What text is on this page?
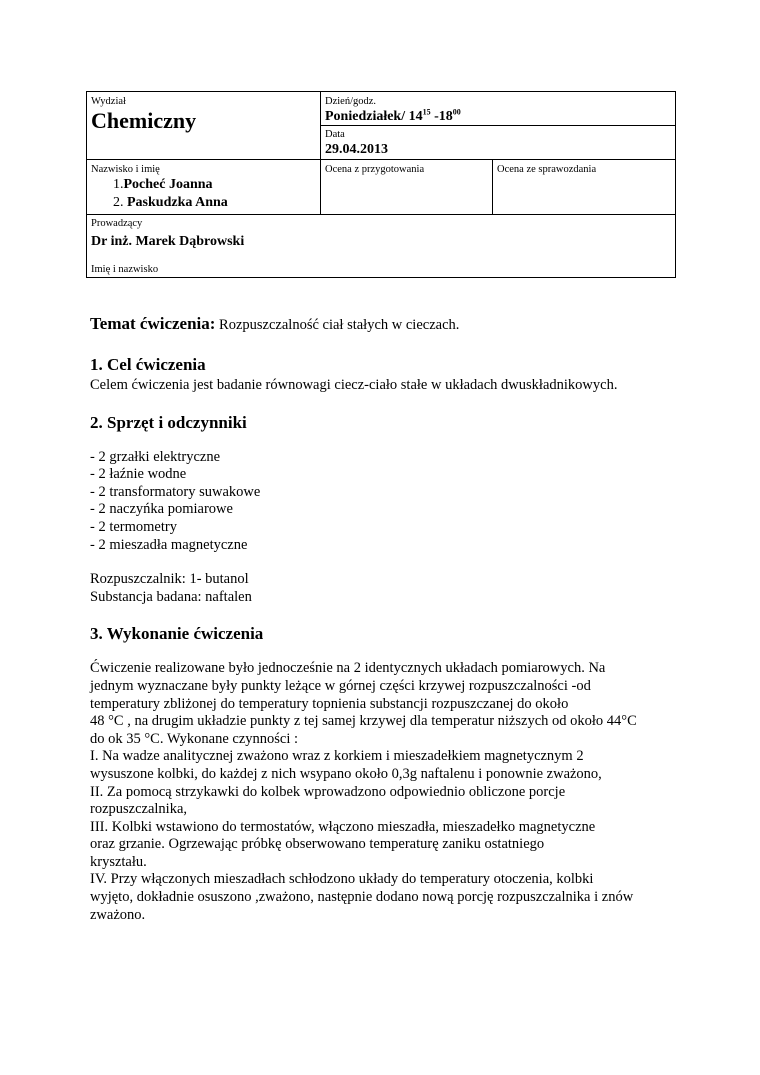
Wydział
Chemiczny
Dzień/godz.
Poniedziałek/ $14^{15}$ $-18^{00}$
Data
29.04.2013
Nazwisko i imię
1.Pocheć Joanna
2. Paskudzka Anna
Ocena z przygotowania	Ocena ze sprawozdania
Prowadzący
Dr inż. Marek Dąbrowski
Imię i nazwisko
Temat ćwiczenia: Rozpuszczalność ciał stałych w cieczach.
1. Cel ćwiczenia

Celem ćwiczenia jest badanie równowagi ciecz-ciało stałe w układach dwuskładnikowych.

2. Sprzęt i odczynniki
- 2 grzałki elektryczne
- 2 łaźnie wodne
- 2 transformatory suwakowe
- 2 naczyńka pomiarowe
- 2 termometry
- 2 mieszadła magnetyczne

Rozpuszczalnik: 1- butanol

Substancja badana: naftalen

3. Wykonanie ćwiczenia

Ćwiczenie realizowane było jednocześnie na 2 identycznych układach pomiarowych. Na

jednym wyznaczane były punkty leżące w górnej części krzywej rozpuszczalności -od

temperatury zbliżonej do temperatury topnienia substancji rozpuszczanej do około

48 °C , na drugim układzie punkty z tej samej krzywej dla temperatur niższych od około 44°C

do ok 35 °C. Wykonane czynności :

I. Na wadze analitycznej zważono wraz z korkiem i mieszadełkiem magnetycznym 2

wysuszone kolbki, do każdej z nich wsypano około 0,3g naftalenu i ponownie zważono,

II. Za pomocą strzykawki do kolbek wprowadzono odpowiednio obliczone porcje

rozpuszczalnika,

III. Kolbki wstawiono do termostatów, włączono mieszadła, mieszadełko magnetyczne

oraz grzanie. Ogrzewając próbkę obserwowano temperaturę zaniku ostatniego

kryształu.

IV. Przy włączonych mieszadłach schłodzono układy do temperatury otoczenia, kolbki

wyjęto, dokładnie osuszono ,zważono, następnie dodano nową porcję rozpuszczalnika i znów

zważono.
